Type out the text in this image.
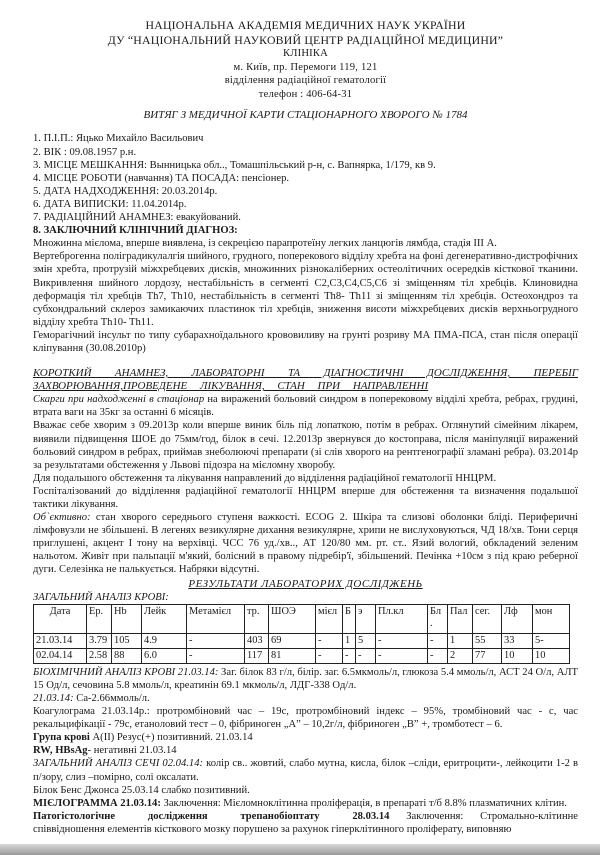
НАЦІОНАЛЬНА АКАДЕМІЯ МЕДИЧНИХ НАУК УКРАЇНИ
ДУ “НАЦІОНАЛЬНИЙ НАУКОВИЙ ЦЕНТР РАДІАЦІЙНОЇ МЕДИЦИНИ”
КЛІНІКА
м. Київ, пр. Перемоги 119, 121
відділення радіаційної гематології
телефон : 406-64-31
ВИТЯГ З МЕДИЧНОЇ КАРТИ СТАЦІОНАРНОГО ХВОРОГО № 1784

1. П.І.П.: Яцько Михайло Васильович

2. ВІК : 09.08.1957 р.н.

3. МІСЦЕ МЕШКАННЯ: Вынницька обл.., Томашпільський р-н, с. Вапнярка, 1/179, кв 9.

4. МІСЦЕ РОБОТИ (навчання) ТА ПОСАДА: пенсіонер.

5. ДАТА НАДХОДЖЕННЯ: 20.03.2014р.

6. ДАТА ВИПИСКИ: 11.04.2014р.

7. РАДІАЦІЙНИЙ АНАМНЕЗ: евакуйований.

8. ЗАКЛЮЧНИЙ КЛІНІЧНИЙ ДІАГНОЗ:

Множинна мієлома, вперше виявлена, із секрецією парапротеїну легких ланцюгів лямбда, стадія III А.

Вертеброгенна поліградикулалгія шийного, грудного, поперекового відділу хребта на фоні дегенеративно-дистрофічних змін хребта, протрузій міжхребцевих дисків, множинних різнокаліберних остеолітичних осередків кісткової тканини. Викривлення шийного лордозу, нестабільність в сегменті C2,C3,C4,C5,C6 зі зміщенням тіл хребців. Клиновидна деформація тіл хребців Th7, Th10, нестабільність в сегменті Th8- Th11 зі зміщенням тіл хребців. Остеохондроз та субхондральний склероз замикаючих пластинок тіл хребців, зниження висоти міжхребцевих дисків верхньогрудного відділу хребта Th10- Th11.

Геморагічний інсульт по типу субарахноїдального крововиливу на грунті розриву МА ПМА-ПСА, стан після операції кліпування (30.08.2010р)

КОРОТКИЙ АНАМНЕЗ, ЛАБОРАТОРНІ ТА ДІАГНОСТИЧНІ ДОСЛІДЖЕННЯ, ПЕРЕБІГ ЗАХВОРЮВАННЯ,ПРОВЕДЕНЕ ЛІКУВАННЯ, СТАН ПРИ НАПРАВЛЕННІ

Скарги при надходженні в стаціонар на виражений больовий синдром в поперековому відділі хребта, ребрах, грудині, втрата ваги на 35кг за останні 6 місяців.

Вважає себе хворим з 09.2013р коли вперше виник біль під лопаткою, потім в ребрах. Оглянутий сімейним лікарем, виявили підвищення ШОЕ до 75мм/год, білок в сечі. 12.2013р звернувся до костоправа, після маніпуляції виражений больовий синдром в ребрах, приймав знеболюючі препарати (зі слів хворого на рентгенографії зламані ребра). 03.2014р за результатами обстеження у Львові підозра на мієломну хворобу.

Для подальшого обстеження та лікування направлений до відділення радіаційної гематології ННЦРМ.

Госпіталізований до відділення радіаційної гематології ННЦРМ вперше для обстеження та визначення подальшої тактики лікування.

Об`єктивно: стан хворого середнього ступеня важкості. ECOG 2. Шкіра та слизові оболонки бліді. Периферичні лімфовузли не збільшені. В легенях везикулярне дихання везикулярне, хрипи не вислуховуються, ЧД 18/хв. Тони серця приглушені, акцент I тону на верхівці. ЧСС 76 уд./хв.., АТ 120/80 мм. рт. ст.. Язий вологий, обкладений зеленим нальотом. Живіт при пальпації м'який, болісний в правому підребір'ї, збільшений. Печінка +10см з під краю реберної дуги. Селезінка не палькується. Набряки відсутні.

РЕЗУЛЬТАТИ ЛАБОРАТОРИХ ДОСЛІДЖЕНЬ

ЗАГАЛЬНИЙ АНАЛІЗ КРОВІ:

Дата	Ер.	Hb	Лейк	Метамієл	тр.	ШОЭ	мієл	Б	э	Пл.кл	Бл .	Пал	сег.	Лф	мон
21.03.14	3.79	105	4.9	-	403	69	-	1	5	-	-	1	55	33	5-
02.04.14	2.58	88	6.0	-	117	81	-	-	-	-	-	2	77	10	10

БІОХІМІЧНИЙ АНАЛІЗ КРОВІ 21.03.14: Заг. білок 83 г/л, білір. заг. 6.5мкмоль/л, глюкоза 5.4 ммоль/л, АСТ 24 О/л, АЛТ 15 Од/л, сечовина 5.8 ммоль/л, креатинін 69.1 мкмоль/л, ЛДГ-338 Од/л.

21.03.14: Са-2.66ммоль/л.

Коагулограма 21.03.14р.: протромбіновий час – 19с, протромбіновий індекс – 95%, тромбіновий час - с, час рекальцифікації - 79с, етаноловий тест – 0, фібриноген „А” – 10,2г/л, фібриноген „В” +, тромботест – 6.

Група крові А(II) Резус(+) позитивний. 21.03.14

RW, HBsAg- негативні 21.03.14

ЗАГАЛЬНИЙ АНАЛІЗ СЕЧІ 02.04.14: колір св.. жовтий, слабо мутна, кисла, білок –сліди, еритроцити-, лейкоцити 1-2 в п/зору, слиз –помірно, солі оксалати.

Білок Бенс Джонса 25.03.14 слабко позитивний.

МІЄЛОГРАММА 21.03.14: Заключення: Мієломноклітинна проліферація, в препараті т/б 8.8% плазматичних клітин.

Патогістологічне дослідження трепанобіоптату 28.03.14 Заключення: Стромально-клітинне співвідношення елементів кісткового мозку порушено за рахунок гіперклітинного проліферату, виповняю
